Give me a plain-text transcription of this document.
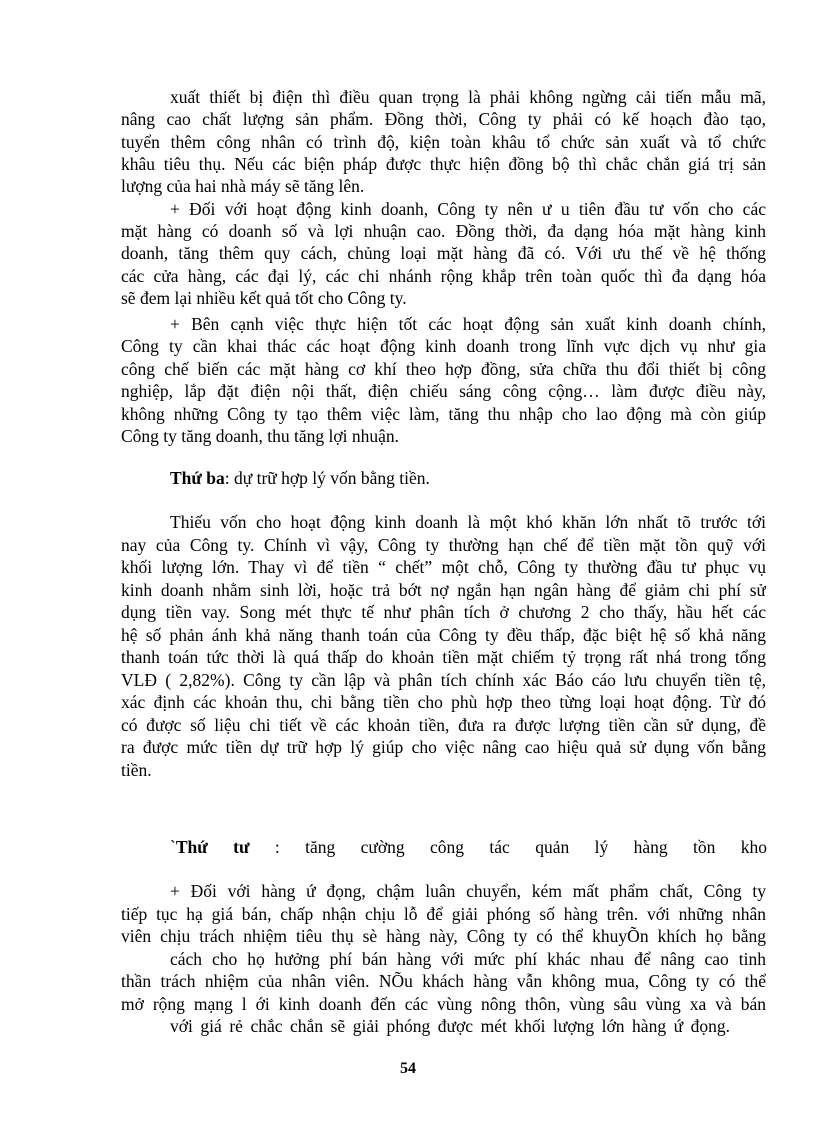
xuất thiết bị điện thì điều quan trọng là phải không ngừng cải tiến mẫu mã,
nâng cao chất lượng sản phẩm. Đồng thời, Công ty phải có kế hoạch đào tạo,
tuyển thêm công nhân có trình độ, kiện toàn khâu tổ chức sản xuất và tổ chức
khâu tiêu thụ. Nếu các biện pháp được thực hiện đồng bộ thì chắc chắn giá trị sản
lượng của hai nhà máy sẽ tăng lên.
+ Đối với hoạt động kinh doanh, Công ty nên ư u tiên đầu tư vốn cho các
mặt hàng có doanh số và lợi nhuận cao. Đồng thời, đa dạng hóa mặt hàng kinh
doanh, tăng thêm quy cách, chủng loại mặt hàng đã có. Với ưu thế về hệ thống
các cửa hàng, các đại lý, các chi nhánh rộng khắp trên toàn quốc thì đa dạng hóa
sẽ đem lại nhiều kết quả tốt cho Công ty.
+ Bên cạnh việc thực hiện tốt các hoạt động sản xuất kinh doanh chính,
Công ty cần khai thác các hoạt động kinh doanh trong lĩnh vực dịch vụ như gia
công chế biến các mặt hàng cơ khí theo hợp đồng, sửa chữa thu đổi thiết bị công
nghiệp, lắp đặt điện nội thất, điện chiếu sáng công cộng… làm được điều này,
không những Công ty tạo thêm việc làm, tăng thu nhập cho lao động mà còn giúp
Công ty tăng doanh, thu tăng lợi nhuận.
Thứ ba: dự trữ hợp lý vốn bằng tiền.
Thiếu vốn cho hoạt động kinh doanh là một khó khăn lớn nhất tõ trước tới
nay của Công ty. Chính vì vậy, Công ty thường hạn chế để tiền mặt tồn quỹ với
khối lượng lớn. Thay vì để tiền “ chết” một chỗ, Công ty thường đầu tư phục vụ
kinh doanh nhằm sinh lời, hoặc trả bớt nợ ngắn hạn ngân hàng để giảm chi phí sử
dụng tiền vay. Song mét thực tế như phân tích ở chương 2 cho thấy, hầu hết các
hệ số phản ánh khả năng thanh toán của Công ty đều thấp, đặc biệt hệ số khả năng
thanh toán tức thời là quá thấp do khoản tiền mặt chiếm tỷ trọng rất nhá trong tổng
VLĐ ( 2,82%). Công ty cần lập và phân tích chính xác Báo cáo lưu chuyển tiền tệ,
xác định các khoản thu, chi bằng tiền cho phù hợp theo từng loại hoạt động. Từ đó
có được số liệu chi tiết về các khoản tiền, đưa ra được lượng tiền cần sử dụng, đề
ra được mức tiền dự trữ hợp lý giúp cho việc nâng cao hiệu quả sử dụng vốn bằng
tiền.
`Thứ tư : tăng cường công tác quản lý hàng tồn kho
+ Đối với hàng ứ đọng, chậm luân chuyển, kém mất phẩm chất, Công ty
tiếp tục hạ giá bán, chấp nhận chịu lỗ để giải phóng số hàng trên. với những nhân
viên chịu trách nhiệm tiêu thụ sè hàng này, Công ty có thể khuyÕn khích họ bằng
cách cho họ hưởng phí bán hàng với mức phí khác nhau để nâng cao tinh
thần trách nhiệm của nhân viên. NÕu khách hàng vẫn không mua, Công ty có thể
mở rộng mạng l ới kinh doanh đến các vùng nông thôn, vùng sâu vùng xa và bán
với giá rẻ chắc chắn sẽ giải phóng được mét khối lượng lớn hàng ứ đọng.
54
